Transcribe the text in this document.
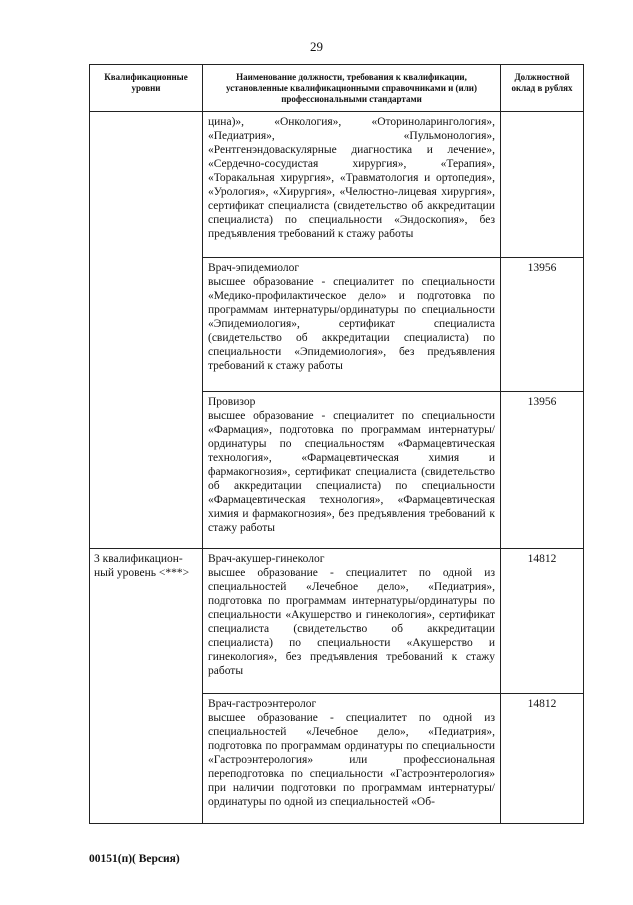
29
Квалификационные уровни	Наименование должности, требования к квалификации, установленные квалификационными справочниками и (или) профессиональными стандартами	Должностной оклад в рублях

	цина)», «Онкология», «Оториноларингология», «Педиатрия», «Пульмонология», «Рентгенэндоваскулярные диагностика и лечение», «Сердечно-сосудистая хирургия», «Терапия», «Торакальная хирургия», «Травматология и ортопедия», «Урология», «Хирургия», «Челюстно-лицевая хирургия», сертификат специалиста (свидетельство об аккредитации специалиста) по специальности «Эндоскопия», без предъявления требований к стажу работы	

	Врач-эпидемиолог
высшее образование - специалитет по специальности «Медико-профилактическое дело» и подготовка по программам интернатуры/ординатуры по специальности «Эпидемиология», сертификат специалиста (свидетельство об аккредитации специалиста) по специальности «Эпидемиология», без предъявления требований к стажу работы	13956

	Провизор
высшее образование - специалитет по специальности «Фармация», подготовка по программам интернатуры/ординатуры по специальностям «Фармацевтическая технология», «Фармацевтическая химия и фармакогнозия», сертификат специалиста (свидетельство об аккредитации специалиста) по специальности «Фармацевтическая технология», «Фармацевтическая химия и фармакогнозия», без предъявления требований к стажу работы	13956
3 квалификацион-ный уровень <***>	Врач-акушер-гинеколог
высшее образование - специалитет по одной из специальностей «Лечебное дело», «Педиатрия», подготовка по программам интернатуры/ординатуры по специальности «Акушерство и гинекология», сертификат специалиста (свидетельство об аккредитации специалиста) по специальности «Акушерство и гинекология», без предъявления требований к стажу работы	14812

	Врач-гастроэнтеролог
высшее образование - специалитет по одной из специальностей «Лечебное дело», «Педиатрия», подготовка по программам ординатуры по специальности «Гастроэнтерология» или профессиональная переподготовка по специальности «Гастроэнтерология» при наличии подготовки по программам интернатуры/ординатуры по одной из специальностей «Об-	14812
00151(п)( Версия)
